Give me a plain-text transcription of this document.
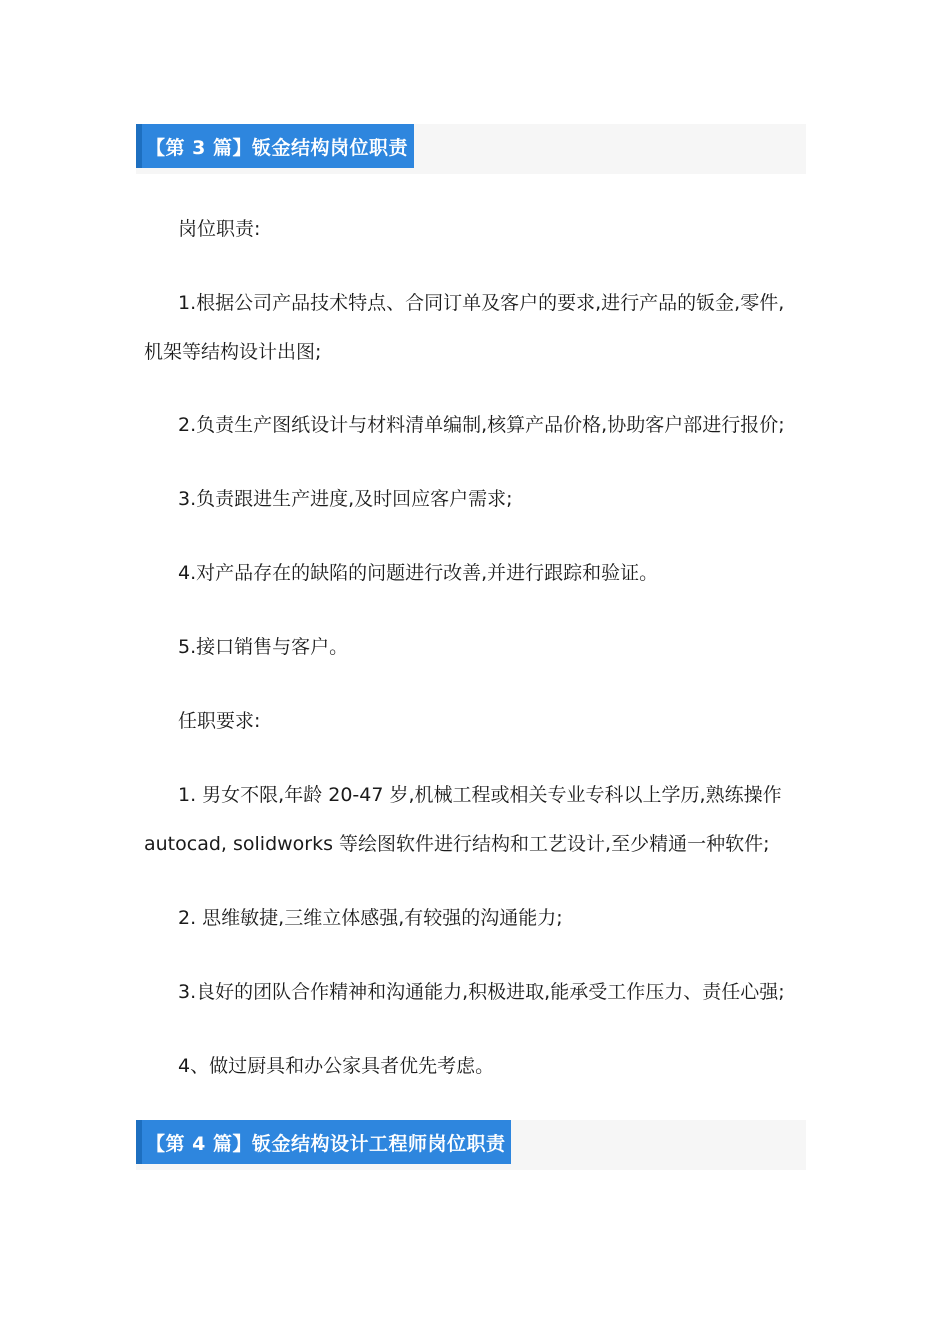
【第 3 篇】钣金结构岗位职责
岗位职责:
1.根据公司产品技术特点、合同订单及客户的要求,进行产品的钣金,零件,
机架等结构设计出图;
2.负责生产图纸设计与材料清单编制,核算产品价格,协助客户部进行报价;
3.负责跟进生产进度,及时回应客户需求;
4.对产品存在的缺陷的问题进行改善,并进行跟踪和验证。
5.接口销售与客户。
任职要求:
1. 男女不限,年龄 20-47 岁,机械工程或相关专业专科以上学历,熟练操作
autocad, solidworks 等绘图软件进行结构和工艺设计,至少精通一种软件;
2. 思维敏捷,三维立体感强,有较强的沟通能力;
3.良好的团队合作精神和沟通能力,积极进取,能承受工作压力、责任心强;
4、做过厨具和办公家具者优先考虑。
【第 4 篇】钣金结构设计工程师岗位职责
